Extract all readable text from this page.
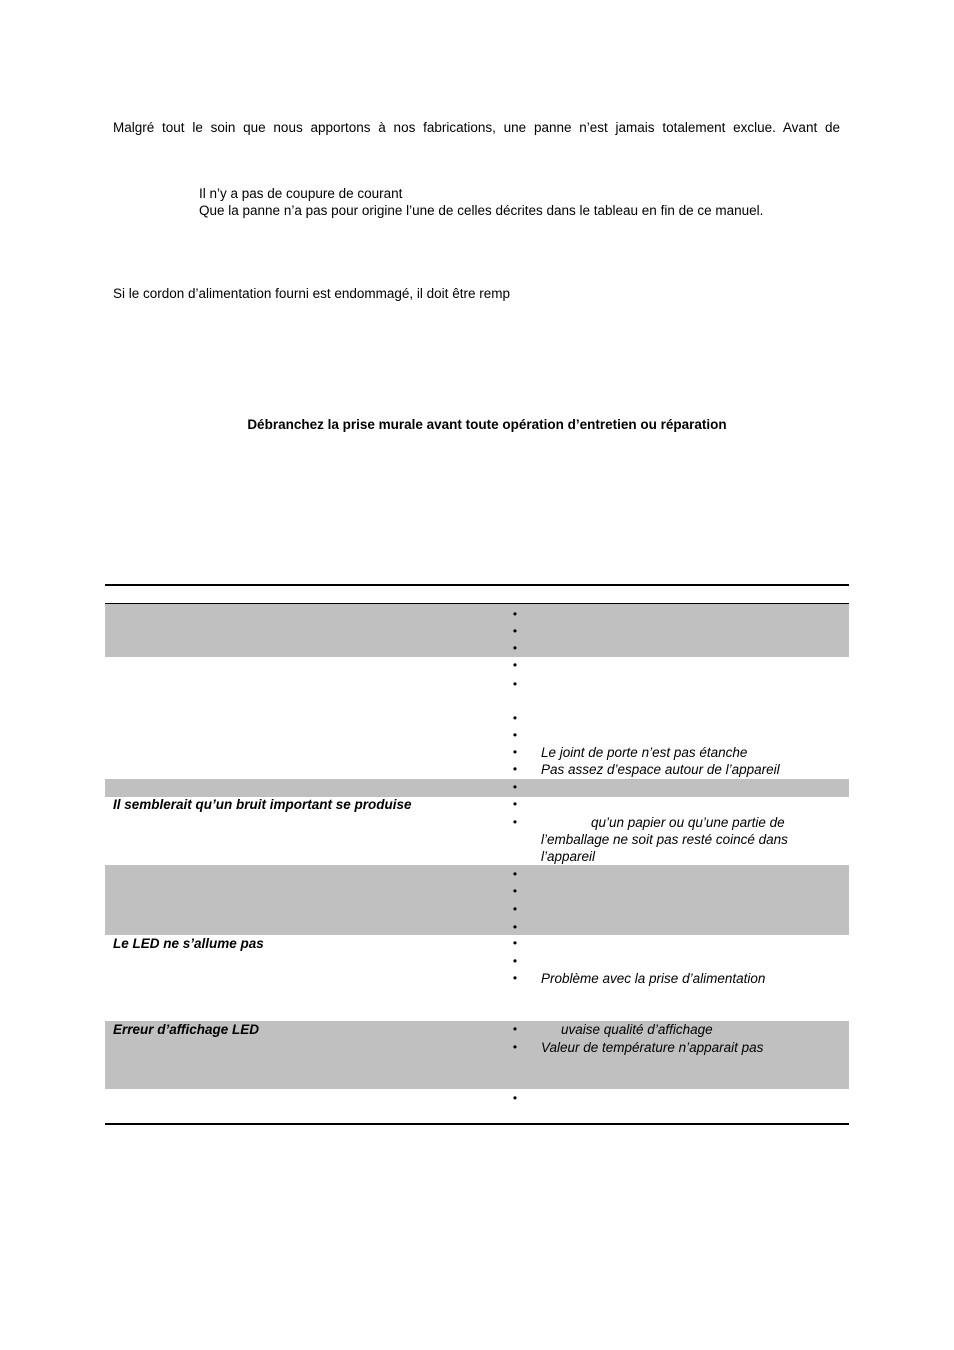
Malgré tout le soin que nous apportons à nos fabrications, une panne n’est jamais totalement exclue. Avant de
Il n’y a pas de coupure de courant
Que la panne n’a pas pour origine l’une de celles décrites dans le tableau en fin de ce manuel.
Si le cordon d’alimentation fourni est endommagé, il doit être remp
Débranchez la prise murale avant toute opération d’entretien ou réparation
Il semblerait qu’un bruit important se produise
Le LED ne s’allume pas
Erreur d’affichage LED
•
•
•
•
•
•
•
•
•
•
•
•
•
•
•
•
•
•
•
•
•
•
Le joint de porte n’est pas étanche
Pas assez d’espace autour de l’appareil
qu’un papier ou qu’une partie de
l’emballage ne soit pas resté coincé dans
l’appareil
Problème avec la prise d’alimentation
uvaise qualité d’affichage
Valeur de température n’apparait pas
